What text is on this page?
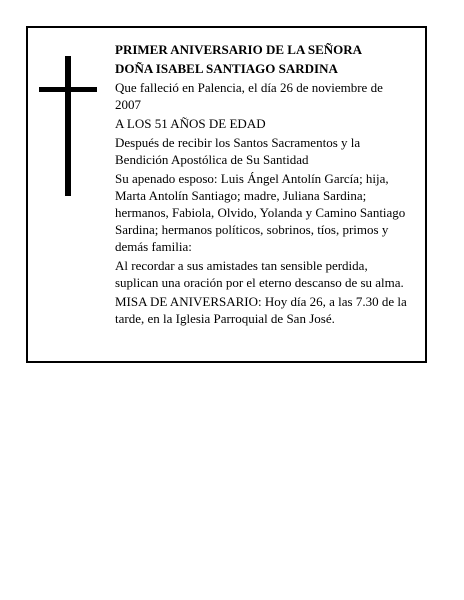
PRIMER ANIVERSARIO DE LA SEÑORA

DOÑA ISABEL SANTIAGO SARDINA

Que falleció en Palencia, el día 26 de noviembre de 2007

A LOS 51 AÑOS DE EDAD

Después de recibir los Santos Sacramentos y la Bendición Apostólica de Su Santidad

Su apenado esposo: Luis Ángel Antolín García; hija, Marta Antolín Santiago; madre, Juliana Sardina; hermanos, Fabiola, Olvido, Yolanda y Camino Santiago Sardina; hermanos políticos, sobrinos, tíos, primos y demás familia:

Al recordar a sus amistades tan sensible perdida, suplican una oración por el eterno descanso de su alma.

MISA DE ANIVERSARIO: Hoy día 26, a las 7.30 de la tarde, en la Iglesia Parroquial de San José.
